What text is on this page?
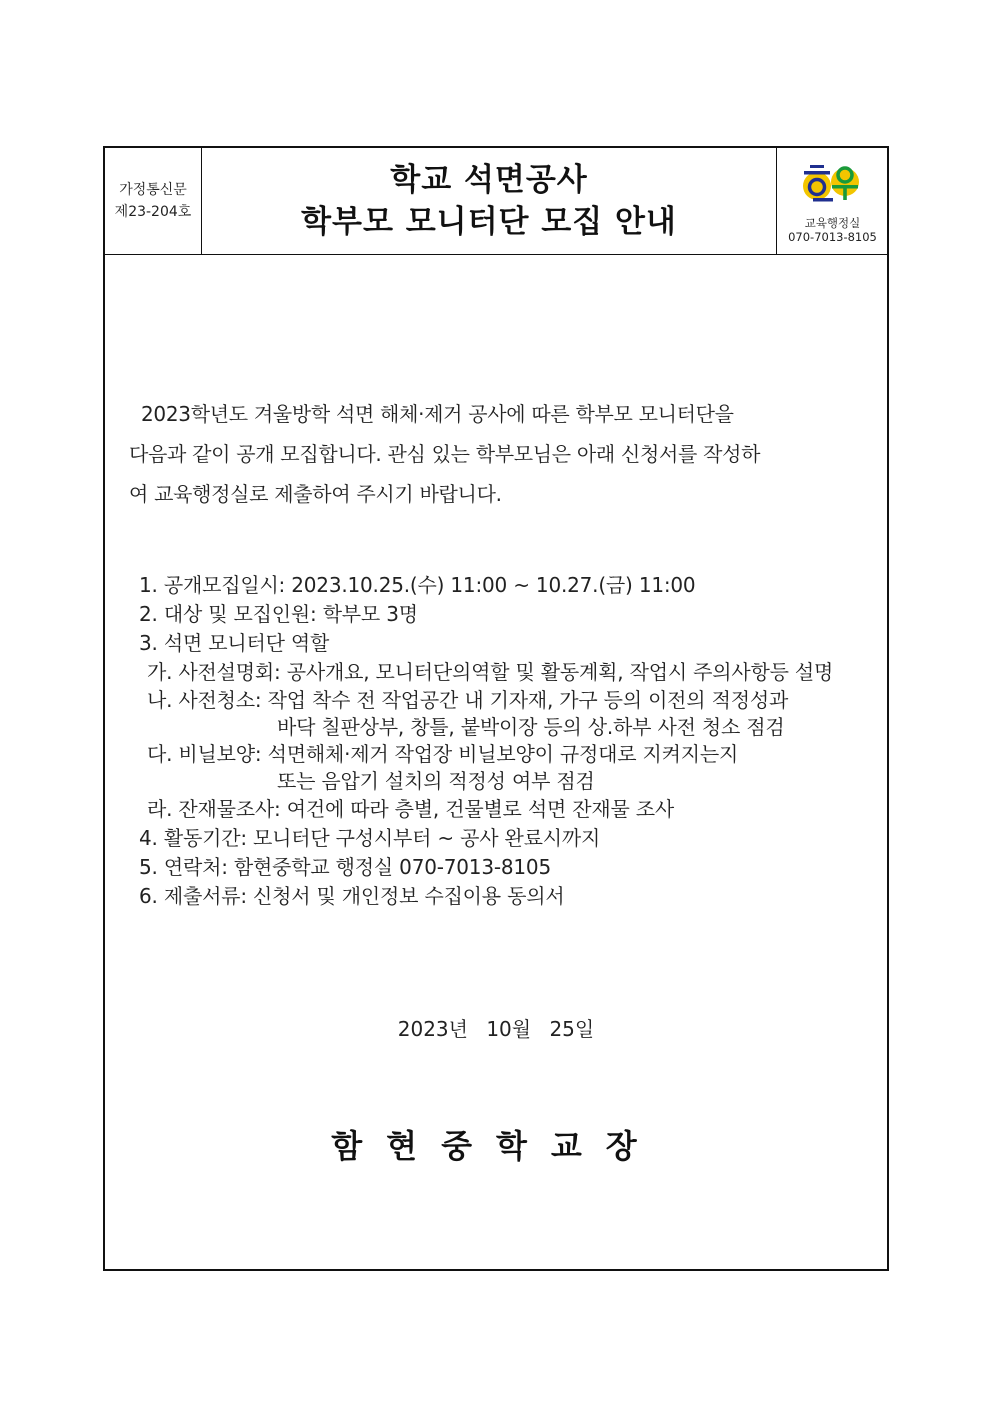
가정통신문
제23-204호
학교 석면공사
학부모 모니터단 모집 안내	교육행정실
070-7013-8105
2023학년도 겨울방학 석면 해체·제거 공사에 따른 학부모 모니터단을
다음과 같이 공개 모집합니다. 관심 있는 학부모님은 아래 신청서를 작성하
여 교육행정실로 제출하여 주시기 바랍니다.
1. 공개모집일시: 2023.10.25.(수) 11:00 ~ 10.27.(금) 11:00
2. 대상 및 모집인원: 학부모 3명
3. 석면 모니터단 역할
가. 사전설명회: 공사개요, 모니터단의역할 및 활동계획, 작업시 주의사항등 설명
나. 사전청소: 작업 착수 전 작업공간 내 기자재, 가구 등의 이전의 적정성과
바닥 칠판상부, 창틀, 붙박이장 등의 상.하부 사전 청소 점검
다. 비닐보양: 석면해체·제거 작업장 비닐보양이 규정대로 지켜지는지
또는 음압기 설치의 적정성 여부 점검
라. 잔재물조사: 여건에 따라 층별, 건물별로 석면 잔재물 조사
4. 활동기간: 모니터단 구성시부터 ~ 공사 완료시까지
5. 연락처: 함현중학교 행정실 070-7013-8105
6. 제출서류: 신청서 및 개인정보 수집이용 동의서
2023년 10월 25일
함현중학교장
